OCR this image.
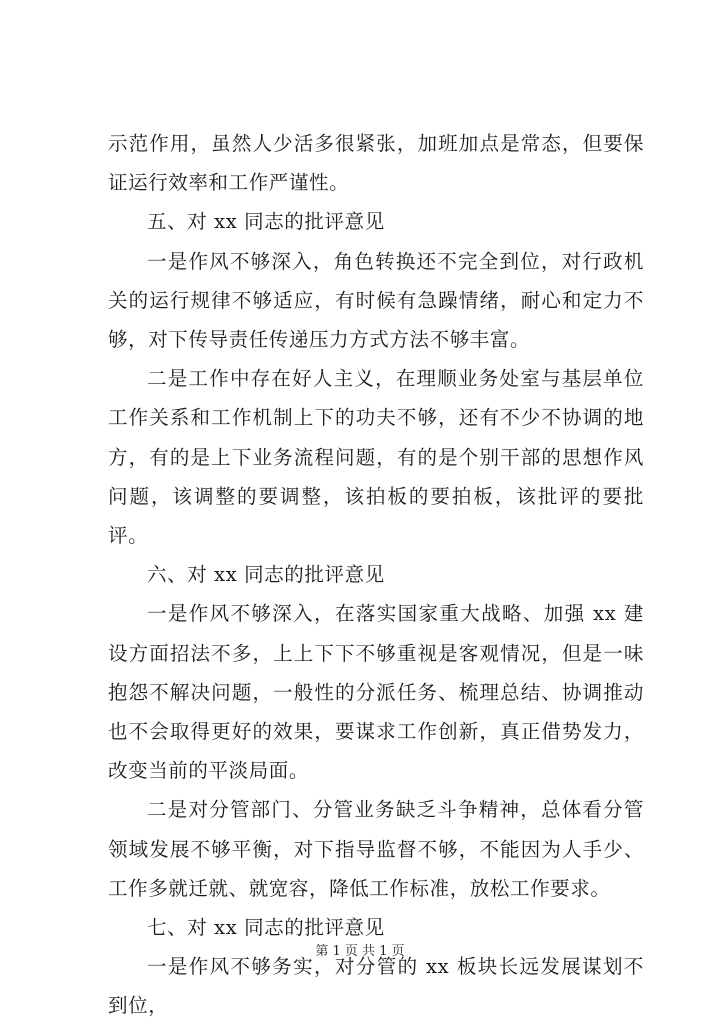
示范作用，虽然人少活多很紧张，加班加点是常态，但要保证运行效率和工作严谨性。

五、对 xx 同志的批评意见

一是作风不够深入，角色转换还不完全到位，对行政机关的运行规律不够适应，有时候有急躁情绪，耐心和定力不够，对下传导责任传递压力方式方法不够丰富。

二是工作中存在好人主义，在理顺业务处室与基层单位工作关系和工作机制上下的功夫不够，还有不少不协调的地方，有的是上下业务流程问题，有的是个别干部的思想作风问题，该调整的要调整，该拍板的要拍板，该批评的要批评。

六、对 xx 同志的批评意见

一是作风不够深入，在落实国家重大战略、加强 xx 建设方面招法不多，上上下下不够重视是客观情况，但是一味抱怨不解决问题，一般性的分派任务、梳理总结、协调推动也不会取得更好的效果，要谋求工作创新，真正借势发力，改变当前的平淡局面。

二是对分管部门、分管业务缺乏斗争精神，总体看分管领域发展不够平衡，对下指导监督不够，不能因为人手少、工作多就迁就、就宽容，降低工作标准，放松工作要求。

七、对 xx 同志的批评意见

一是作风不够务实，对分管的 xx 板块长远发展谋划不到位，

第 1 页 共 1 页
